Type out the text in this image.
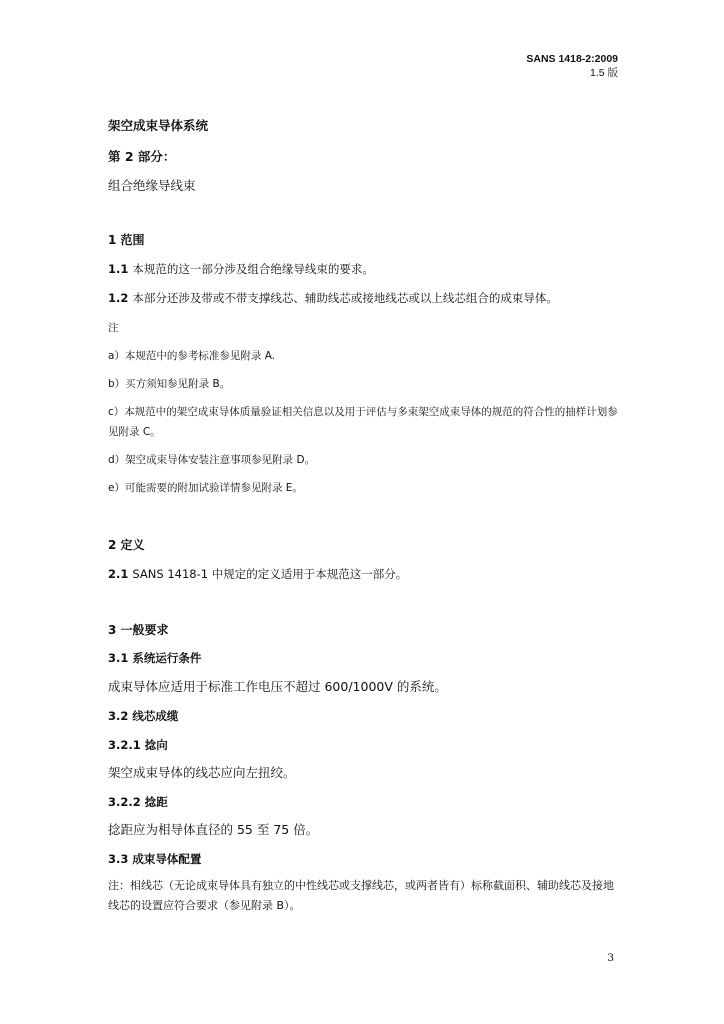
SANS 1418-2:2009
1.5 版
架空成束导体系统
第 2 部分：
组合绝缘导线束
1 范围
1.1 本规范的这一部分涉及组合绝缘导线束的要求。
1.2 本部分还涉及带或不带支撑线芯、辅助线芯或接地线芯或以上线芯组合的成束导体。
注
a）本规范中的参考标准参见附录 A.
b）买方须知参见附录 B。
c）本规范中的架空成束导体质量验证相关信息以及用于评估与多束架空成束导体的规范的符合性的抽样计划参见附录 C。
d）架空成束导体安装注意事项参见附录 D。
e）可能需要的附加试验详情参见附录 E。
2 定义
2.1 SANS 1418-1 中规定的定义适用于本规范这一部分。
3 一般要求
3.1 系统运行条件
成束导体应适用于标准工作电压不超过 600/1000V 的系统。
3.2 线芯成缆
3.2.1 捻向
架空成束导体的线芯应向左扭绞。
3.2.2 捻距
捻距应为相导体直径的 55 至 75 倍。
3.3 成束导体配置
注：相线芯（无论成束导体具有独立的中性线芯或支撑线芯，或两者皆有）标称截面积、辅助线芯及接地线芯的设置应符合要求（参见附录 B）。
3
